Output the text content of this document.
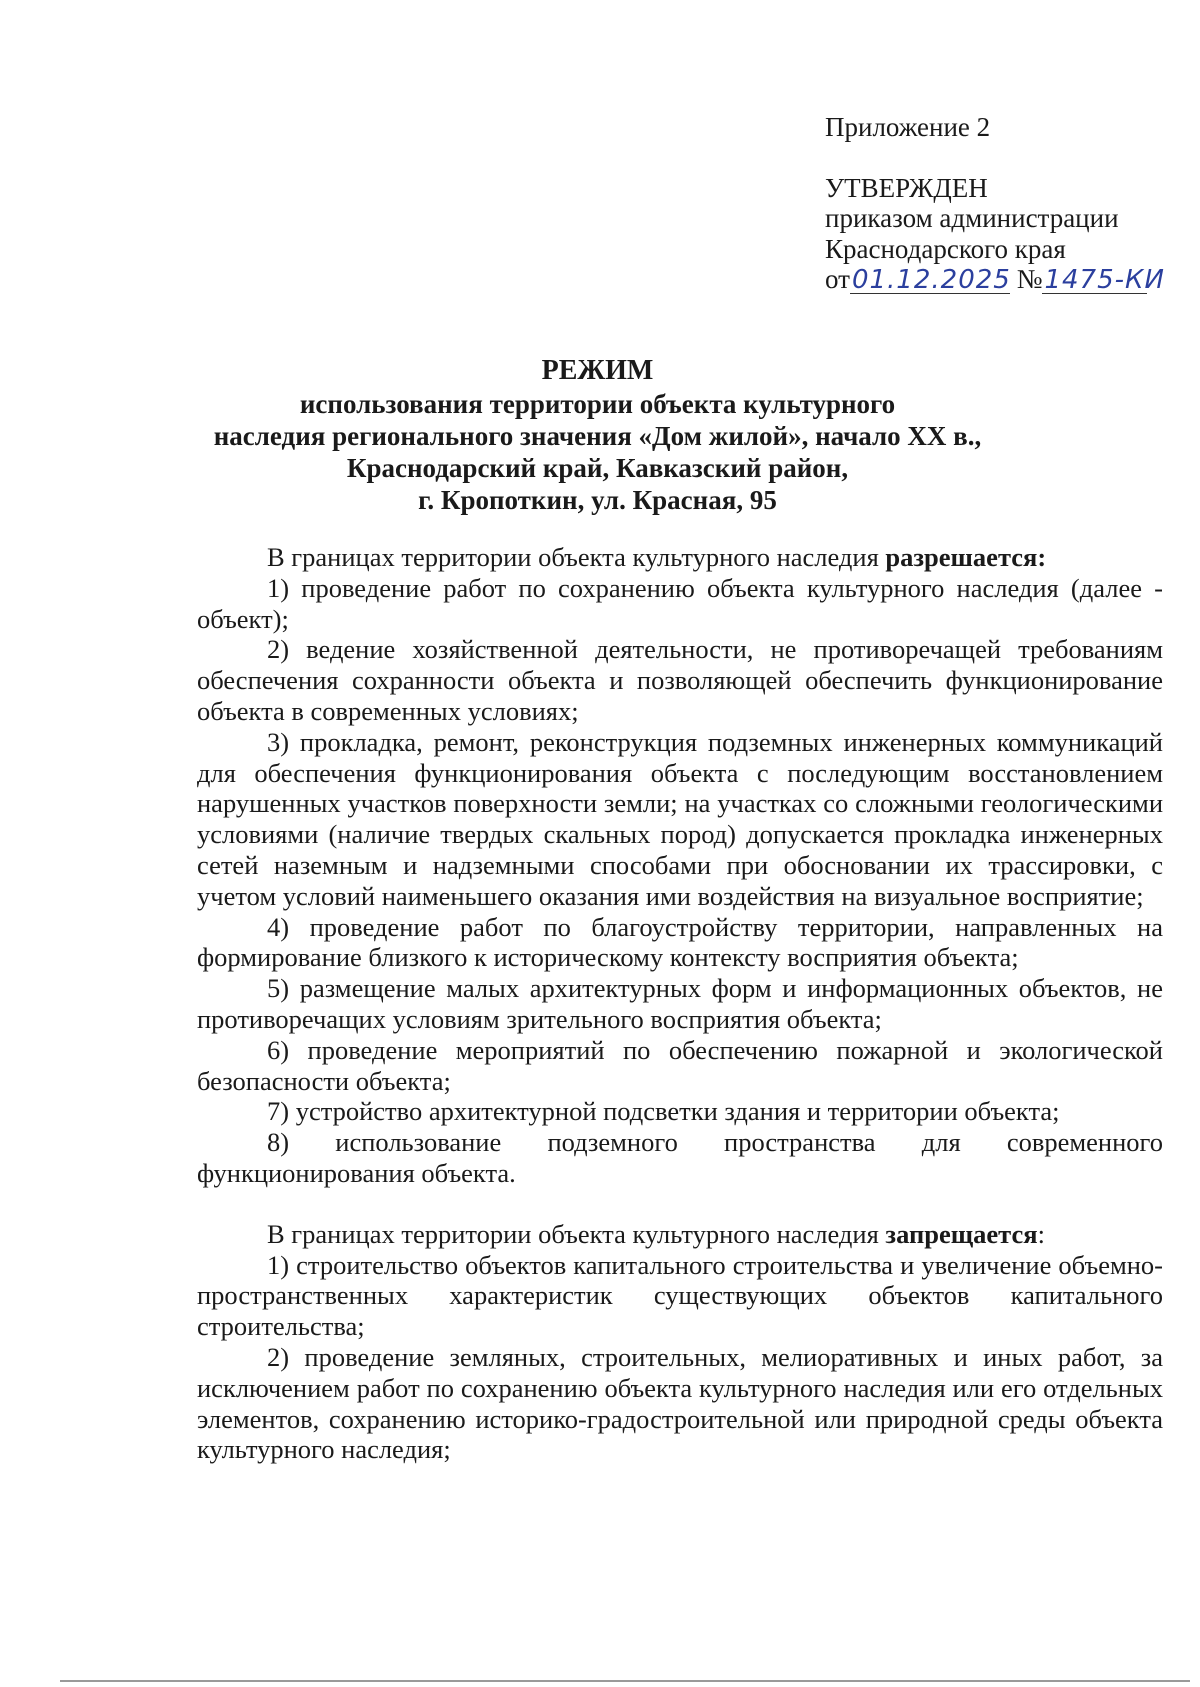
Приложение 2
УТВЕРЖДЕН
приказом администрации
Краснодарского края
от01.12.2025 №1475-КИ
РЕЖИМ
использования территории объекта культурного
наследия регионального значения «Дом жилой», начало XX в.,
Краснодарский край, Кавказский район,
г. Кропоткин, ул. Красная, 95

В границах территории объекта культурного наследия разрешается:

1) проведение работ по сохранению объекта культурного наследия (далее - объект);

2) ведение хозяйственной деятельности, не противоречащей требованиям обеспечения сохранности объекта и позволяющей обеспечить функционирование объекта в современных условиях;

3) прокладка, ремонт, реконструкция подземных инженерных коммуникаций для обеспечения функционирования объекта с последующим восстановлением нарушенных участков поверхности земли; на участках со сложными геологическими условиями (наличие твердых скальных пород) допускается прокладка инженерных сетей наземным и надземными способами при обосновании их трассировки, с учетом условий наименьшего оказания ими воздействия на визуальное восприятие;

4) проведение работ по благоустройству территории, направленных на формирование близкого к историческому контексту восприятия объекта;

5) размещение малых архитектурных форм и информационных объектов, не противоречащих условиям зрительного восприятия объекта;

6) проведение мероприятий по обеспечению пожарной и экологической безопасности объекта;

7) устройство архитектурной подсветки здания и территории объекта;

8) использование подземного пространства для современного функционирования объекта.

В границах территории объекта культурного наследия запрещается:

1) строительство объектов капитального строительства и увеличение объемно-пространственных характеристик существующих объектов капитального строительства;

2) проведение земляных, строительных, мелиоративных и иных работ, за исключением работ по сохранению объекта культурного наследия или его отдельных элементов, сохранению историко-градостроительной или природной среды объекта культурного наследия;
